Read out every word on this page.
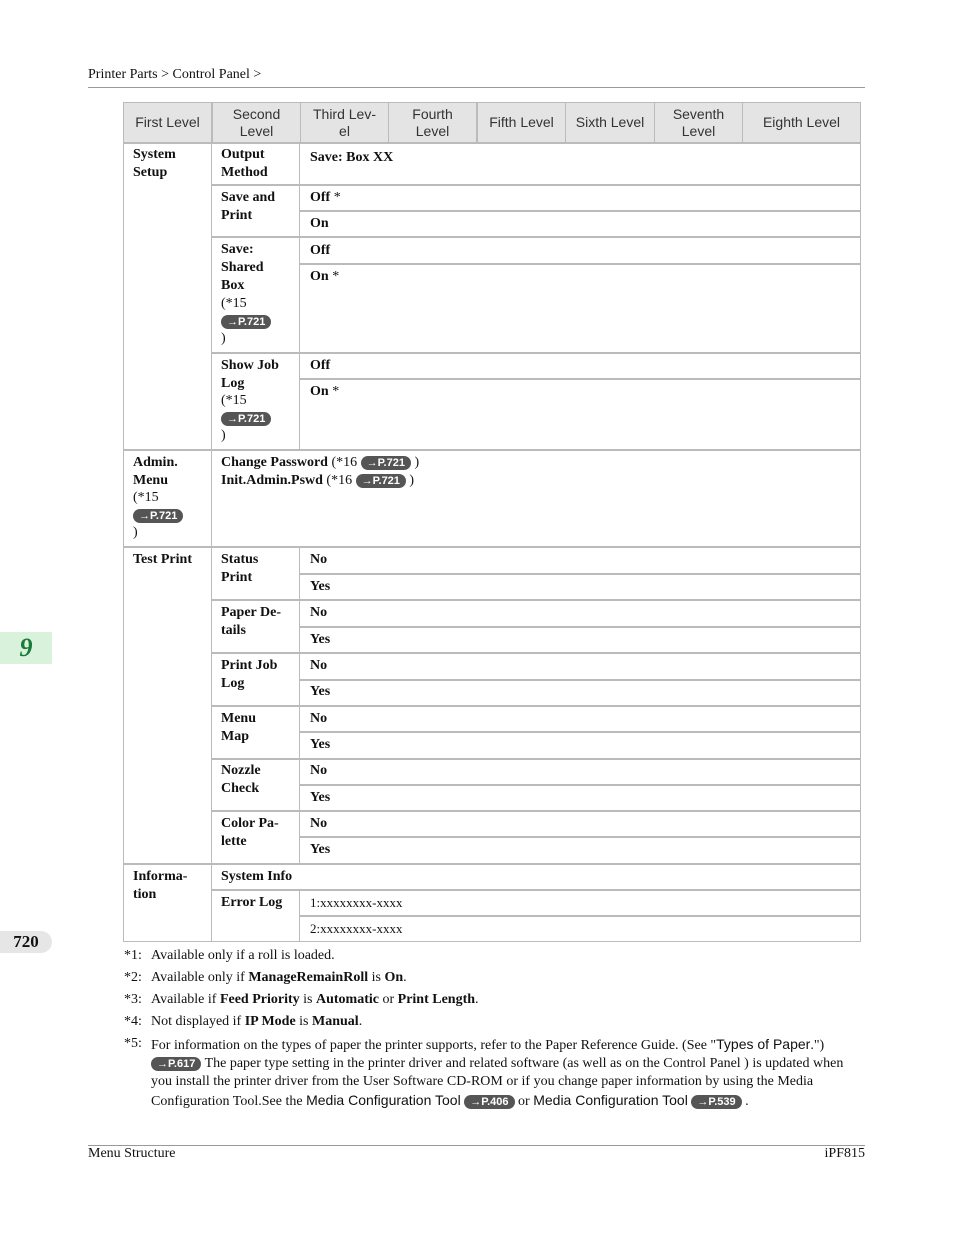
Printer Parts > Control Panel >
9
720
First Level
Second Level
Third Lev- el
Fourth Level
Fifth Level	Sixth Level
Seventh Level
Eighth Level
System Setup
Output Method
Save: Box XX
Save and Print
Off *
On
Save: Shared Box
(*15
→P.721
)
Off
On *
Show Job Log
(*15
→P.721
)
Off
On *
Admin. Menu
(*15
→P.721
)
Change Password (*16 →P.721 )
Init.Admin.Pswd (*16 →P.721 )
Test Print Status Print
No
Yes
Paper De- tails
No
Yes
Print Job Log
No
Yes
Menu Map
No
Yes
Nozzle Check
No
Yes
Color Pa- lette
No
Yes
Informa- tion
System Info
Error Log 1:xxxxxxxx-xxxx
2:xxxxxxxx-xxxx
*1: Available only if a roll is loaded.
*2: Available only if ManageRemainRoll is On.
*3: Available if Feed Priority is Automatic or Print Length.
*4: Not displayed if IP Mode is Manual.
*5: For information on the types of paper the printer supports, refer to the Paper Reference Guide. (See "Types of Paper.") →P.617 The paper type setting in the printer driver and related software (as well as on the Control Panel ) is updated when you install the printer driver from the User Software CD-ROM or if you change paper information by using the Media Configuration Tool.See the Media Configuration Tool →P.406 or Media Configuration Tool →P.539 .
Menu Structure	iPF815
